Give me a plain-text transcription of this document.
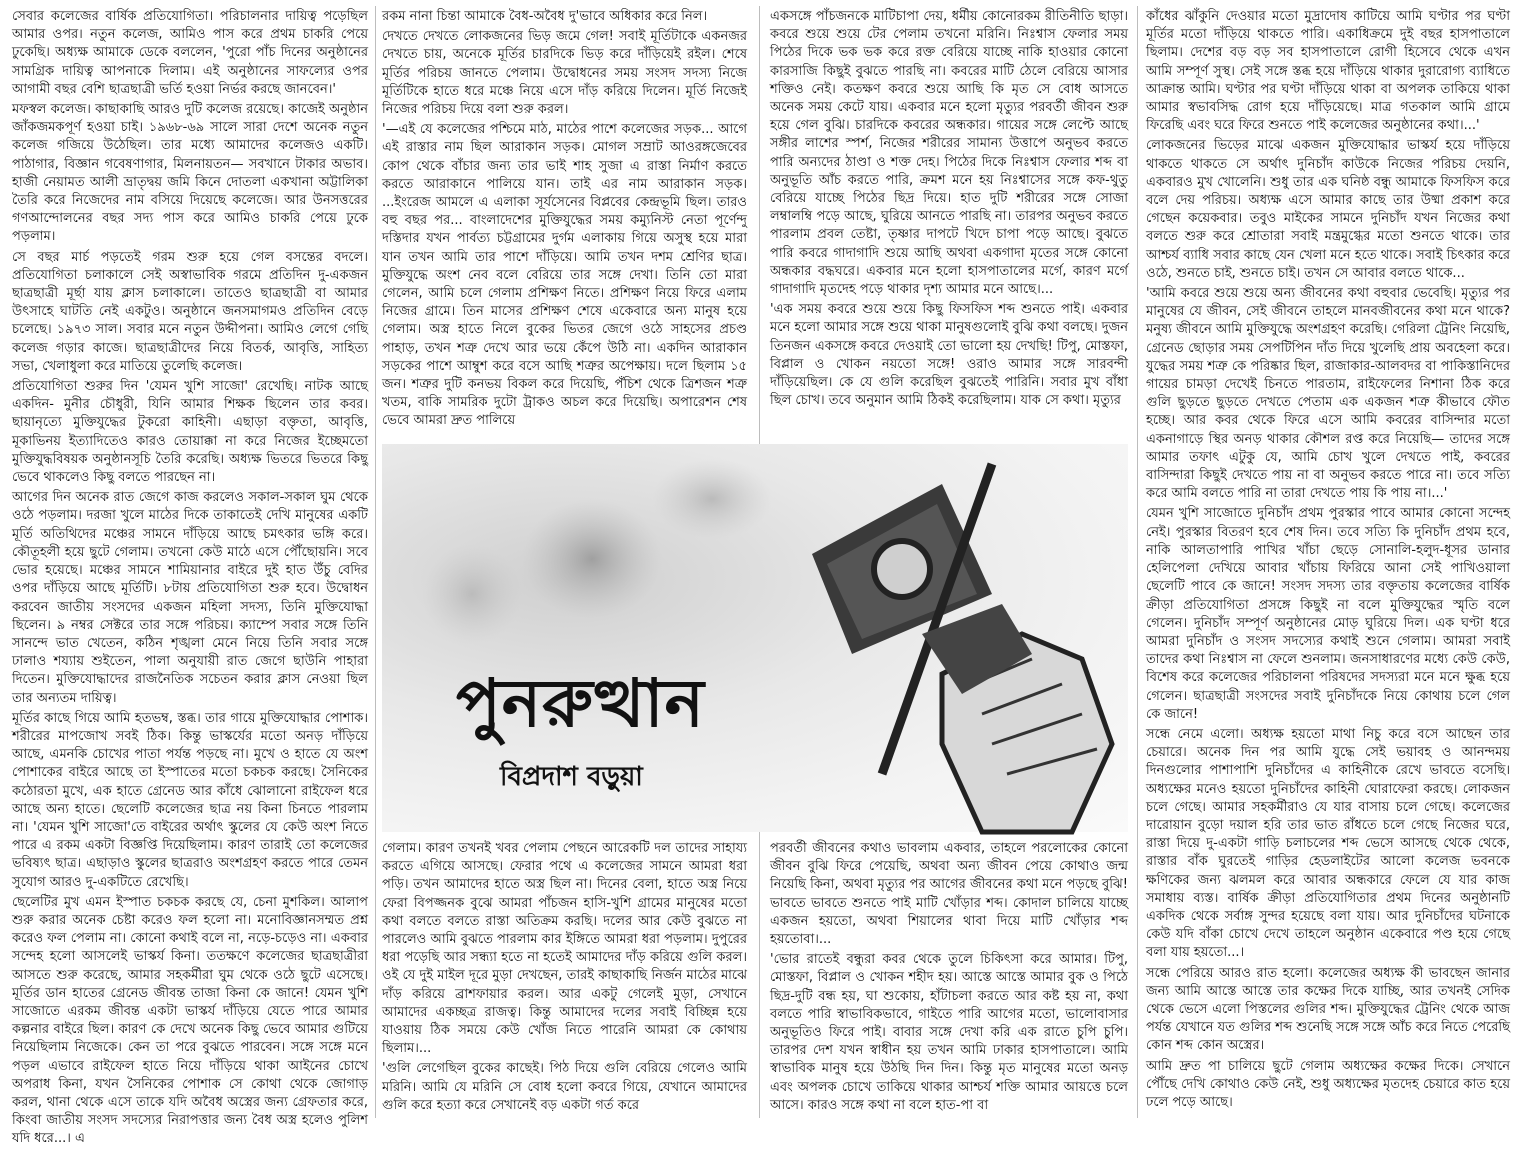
সেবার কলেজের বার্ষিক প্রতিযোগিতা। পরিচালনার দায়িত্ব পড়েছিল আমার ওপর। নতুন কলেজ, আমিও পাস করে প্রথম চাকরি পেয়ে ঢুকেছি। অধ্যক্ষ আমাকে ডেকে বললেন, 'পুরো পাঁচ দিনের অনুষ্ঠানের সামগ্রিক দায়িত্ব আপনাকে দিলাম। এই অনুষ্ঠানের সাফল্যের ওপর আগামী বছর বেশি ছাত্রছাত্রী ভর্তি হওয়া নির্ভর করছে জানবেন।'

মফস্বল কলেজ। কাছাকাছি আরও দুটি কলেজ রয়েছে। কাজেই অনুষ্ঠান জাঁকজমকপূর্ণ হওয়া চাই। ১৯৬৮-৬৯ সালে সারা দেশে অনেক নতুন কলেজ গজিয়ে উঠেছিল। তার মধ্যে আমাদের কলেজও একটি। পাঠাগার, বিজ্ঞান গবেষণাগার, মিলনায়তন— সবখানে টাকার অভাব। হাজী নেয়ামত আলী ভ্রাতৃদ্বয় জমি কিনে দোতলা একখানা অট্টালিকা তৈরি করে নিজেদের নাম বসিয়ে দিয়েছে কলেজে। আর উনসত্তরের গণআন্দোলনের বছর সদ্য পাস করে আমিও চাকরি পেয়ে ঢুকে পড়লাম।

সে বছর মার্চ পড়তেই গরম শুরু হয়ে গেল বসন্তের বদলে। প্রতিযোগিতা চলাকালে সেই অস্বাভাবিক গরমে প্রতিদিন দু-একজন ছাত্রছাত্রী মূর্ছা যায় ক্লাস চলাকালে। তাতেও ছাত্রছাত্রী বা আমার উৎসাহে ঘাটতি নেই একটুও। অনুষ্ঠানে জনসমাগমও প্রতিদিন বেড়ে চলেছে। ১৯৭৩ সাল। সবার মনে নতুন উদ্দীপনা। আমিও লেগে গেছি কলেজ গড়ার কাজে। ছাত্রছাত্রীদের নিয়ে বিতর্ক, আবৃত্তি, সাহিত্য সভা, খেলাধুলা করে মাতিয়ে তুলেছি কলেজ।

প্রতিযোগিতা শুরুর দিন 'যেমন খুশি সাজো' রেখেছি। নাটক আছে একদিন- মুনীর চৌধুরী, যিনি আমার শিক্ষক ছিলেন তার কবর। ছায়ানৃত্যে মুক্তিযুদ্ধের টুকরো কাহিনী। এছাড়া বক্তৃতা, আবৃত্তি, মূকাভিনয় ইত্যাদিতেও কারও তোয়াক্কা না করে নিজের ইচ্ছেমতো মুক্তিযুদ্ধবিষয়ক অনুষ্ঠানসূচি তৈরি করেছি। অধ্যক্ষ ভিতরে ভিতরে কিছু ভেবে থাকলেও কিছু বলতে পারছেন না।

আগের দিন অনেক রাত জেগে কাজ করলেও সকাল-সকাল ঘুম থেকে ওঠে পড়লাম। দরজা খুলে মাঠের দিকে তাকাতেই দেখি মানুষের একটি মূর্তি অতিথিদের মঞ্চের সামনে দাঁড়িয়ে আছে চমৎকার ভঙ্গি করে। কৌতূহলী হয়ে ছুটে গেলাম। তখনো কেউ মাঠে এসে পৌঁছোয়নি। সবে ভোর হয়েছে। মঞ্চের সামনে শামিয়ানার বাইরে দুই হাত উঁচু বেদির ওপর দাঁড়িয়ে আছে মূর্তিটি। ৮টায় প্রতিযোগিতা শুরু হবে। উদ্বোধন করবেন জাতীয় সংসদের একজন মহিলা সদস্য, তিনি মুক্তিযোদ্ধা ছিলেন। ৯ নম্বর সেক্টরে তার সঙ্গে পরিচয়। ক্যাম্পে সবার সঙ্গে তিনি সানন্দে ভাত খেতেন, কঠিন শৃঙ্খলা মেনে নিয়ে তিনি সবার সঙ্গে ঢালাও শয্যায় শুইতেন, পালা অনুযায়ী রাত জেগে ছাউনি পাহারা দিতেন। মুক্তিযোদ্ধাদের রাজনৈতিক সচেতন করার ক্লাস নেওয়া ছিল তার অন্যতম দায়িত্ব।

মূর্তির কাছে গিয়ে আমি হতভম্ব, স্তব্ধ। তার গায়ে মুক্তিযোদ্ধার পোশাক। শরীরের মাপজোখ সবই ঠিক। কিন্তু ভাস্কর্যের মতো অনড় দাঁড়িয়ে আছে, এমনকি চোখের পাতা পর্যন্ত পড়ছে না। মুখে ও হাতে যে অংশ পোশাকের বাইরে আছে তা ইস্পাতের মতো চকচক করছে। সৈনিকের কঠোরতা মুখে, এক হাতে গ্রেনেড আর কাঁধে ঝোলানো রাইফেল ধরে আছে অন্য হাতে। ছেলেটি কলেজের ছাত্র নয় কিনা চিনতে পারলাম না। 'যেমন খুশি সাজো'তে বাইরের অর্থাৎ স্কুলের যে কেউ অংশ নিতে পারে এ রকম একটা বিজ্ঞপ্তি দিয়েছিলাম। কারণ তারাই তো কলেজের ভবিষ্যৎ ছাত্র। এছাড়াও স্কুলের ছাত্ররাও অংশগ্রহণ করতে পারে তেমন সুযোগ আরও দু-একটিতে রেখেছি।

ছেলেটির মুখ এমন ইস্পাত চকচক করছে যে, চেনা মুশকিল। আলাপ শুরু করার অনেক চেষ্টা করেও ফল হলো না। মনোবিজ্ঞানসম্মত প্রশ্ন করেও ফল পেলাম না। কোনো কথাই বলে না, নড়ে-চড়েও না। একবার সন্দেহ হলো আসলেই ভাস্কর্য কিনা। ততক্ষণে কলেজের ছাত্রছাত্রীরা আসতে শুরু করেছে, আমার সহকর্মীরা ঘুম থেকে ওঠে ছুটে এসেছে। মূর্তির ডান হাতের গ্রেনেড জীবন্ত তাজা কিনা কে জানে! যেমন খুশি সাজোতে এরকম জীবন্ত একটা ভাস্কর্য দাঁড়িয়ে যেতে পারে আমার কল্পনার বাইরে ছিল। কারণ কে দেখে অনেক কিছু ভেবে আমার গুটিয়ে নিয়েছিলাম নিজেকে। কেন তা পরে বুঝতে পারবেন। সঙ্গে সঙ্গে মনে পড়ল এভাবে রাইফেল হাতে নিয়ে দাঁড়িয়ে থাকা আইনের চোখে অপরাধ কিনা, যখন সৈনিকের পোশাক সে কোথা থেকে জোগাড় করল, থানা থেকে এসে তাকে যদি অবৈধ অস্ত্রের জন্য গ্রেফতার করে, কিংবা জাতীয় সংসদ সদস্যের নিরাপত্তার জন্য বৈধ অস্ত্র হলেও পুলিশ যদি ধরে...। এ

রকম নানা চিন্তা আমাকে বৈধ-অবৈধ দু'ভাবে অধিকার করে নিল।

দেখতে দেখতে লোকজনের ভিড় জমে গেল! সবাই মূর্তিটাকে একনজর দেখতে চায়, অনেকে মূর্তির চারদিকে ভিড় করে দাঁড়িয়েই রইল। শেষে মূর্তির পরিচয় জানতে পেলাম। উদ্বোধনের সময় সংসদ সদস্য নিজে মূর্তিটিকে হাতে ধরে মঞ্চে নিয়ে এসে দাঁড় করিয়ে দিলেন। মূর্তি নিজেই নিজের পরিচয় দিয়ে বলা শুরু করল।

'—এই যে কলেজের পশ্চিমে মাঠ, মাঠের পাশে কলেজের সড়ক... আগে এই রাস্তার নাম ছিল আরাকান সড়ক। মোগল সম্রাট আওরঙ্গজেবের কোপ থেকে বাঁচার জন্য তার ভাই শাহ সুজা এ রাস্তা নির্মাণ করতে করতে আরাকানে পালিয়ে যান। তাই এর নাম আরাকান সড়ক। ...ইংরেজ আমলে এ এলাকা সূর্যসেনের বিপ্লবের কেন্দ্রভূমি ছিল। তারও বহু বছর পর... বাংলাদেশের মুক্তিযুদ্ধের সময় কম্যুনিস্ট নেতা পূর্ণেন্দু দস্তিদার যখন পার্বত্য চট্টগ্রামের দুর্গম এলাকায় গিয়ে অসুস্থ হয়ে মারা যান তখন আমি তার পাশে দাঁড়িয়ে। আমি তখন দশম শ্রেণির ছাত্র। মুক্তিযুদ্ধে অংশ নেব বলে বেরিয়ে তার সঙ্গে দেখা। তিনি তো মারা গেলেন, আমি চলে গেলাম প্রশিক্ষণ নিতে। প্রশিক্ষণ নিয়ে ফিরে এলাম নিজের গ্রামে। তিন মাসের প্রশিক্ষণ শেষে একেবারে অন্য মানুষ হয়ে গেলাম। অস্ত্র হাতে নিলে বুকের ভিতর জেগে ওঠে সাহসের প্রচণ্ড পাহাড়, তখন শত্রু দেখে আর ভয়ে কেঁপে উঠি না। একদিন আরাকান সড়কের পাশে আম্বুশ করে বসে আছি শত্রুর অপেক্ষায়। দলে ছিলাম ১৫ জন। শত্রুর দুটি কনভয় বিকল করে দিয়েছি, পঁচিশ থেকে ত্রিশজন শত্রু খতম, বাকি সামরিক দুটো ট্রাকও অচল করে দিয়েছি। অপারেশন শেষ ভেবে আমরা দ্রুত পালিয়ে

একসঙ্গে পাঁচজনকে মাটিচাপা দেয়, ধর্মীয় কোনোরকম রীতিনীতি ছাড়া। কবরে শুয়ে শুয়ে টের পেলাম তখনো মরিনি। নিঃশ্বাস ফেলার সময় পিঠের দিকে ভক ভক করে রক্ত বেরিয়ে যাচ্ছে নাকি হাওয়ার কোনো কারসাজি কিছুই বুঝতে পারছি না। কবরের মাটি ঠেলে বেরিয়ে আসার শক্তিও নেই। কতক্ষণ কবরে শুয়ে আছি কি মৃত সে বোধ আসতে অনেক সময় কেটে যায়। একবার মনে হলো মৃত্যুর পরবর্তী জীবন শুরু হয়ে গেল বুঝি। চারদিকে কবরের অন্ধকার। গায়ের সঙ্গে লেপ্টে আছে সঙ্গীর লাশের স্পর্শ, নিজের শরীরের সামান্য উত্তাপে অনুভব করতে পারি অন্যদের ঠাণ্ডা ও শক্ত দেহ। পিঠের দিকে নিঃশ্বাস ফেলার শব্দ বা অনুভূতি আঁচ করতে পারি, ক্রমশ মনে হয় নিঃশ্বাসের সঙ্গে কফ-থুতু বেরিয়ে যাচ্ছে পিঠের ছিদ্র দিয়ে। হাত দুটি শরীরের সঙ্গে সোজা লম্বালম্বি পড়ে আছে, ঘুরিয়ে আনতে পারছি না। তারপর অনুভব করতে পারলাম প্রবল তেষ্টা, তৃষ্ণার দাপটে খিদে চাপা পড়ে আছে। বুঝতে পারি কবরে গাদাগাদি শুয়ে আছি অথবা একগাদা মৃতের সঙ্গে কোনো অন্ধকার বদ্ধঘরে। একবার মনে হলো হাসপাতালের মর্গে, কারণ মর্গে গাদাগাদি মৃতদেহ পড়ে থাকার দৃশ্য আমার মনে আছে।...

'এক সময় কবরে শুয়ে শুয়ে কিছু ফিসফিস শব্দ শুনতে পাই। একবার মনে হলো আমার সঙ্গে শুয়ে থাকা মানুষগুলোই বুঝি কথা বলছে। দুজন তিনজন একসঙ্গে কবরে দেওয়াই তো ভালো হয় দেখছি! টিপু, মোস্তফা, বিপ্লাল ও খোকন নয়তো সঙ্গে! ওরাও আমার সঙ্গে সারবন্দী দাঁড়িয়েছিল। কে যে গুলি করেছিল বুঝতেই পারিনি। সবার মুখ বাঁধা ছিল চোখ। তবে অনুমান আমি ঠিকই করেছিলাম। যাক সে কথা। মৃত্যুর

পুনরুত্থান
বিপ্রদাশ বড়ুয়া

গেলাম। কারণ তখনই খবর পেলাম পেছনে আরেকটি দল তাদের সাহায্য করতে এগিয়ে আসছে। ফেরার পথে এ কলেজের সামনে আমরা ধরা পড়ি। তখন আমাদের হাতে অস্ত্র ছিল না। দিনের বেলা, হাতে অস্ত্র নিয়ে ফেরা বিপজ্জনক বুঝে আমরা পাঁচজন হাসি-খুশি গ্রামের মানুষের মতো কথা বলতে বলতে রাস্তা অতিক্রম করছি। দলের আর কেউ বুঝতে না পারলেও আমি বুঝতে পারলাম কার ইঙ্গিতে আমরা ধরা পড়লাম। দুপুরের ধরা পড়েছি আর সন্ধ্যা হতে না হতেই আমাদের দাঁড় করিয়ে গুলি করল। ওই যে দুই মাইল দূরে মুড়া দেখছেন, তারই কাছাকাছি নির্জন মাঠের মাঝে দাঁড় করিয়ে ব্রাশফায়ার করল। আর একটু গেলেই মুড়া, সেখানে আমাদের একচ্ছত্র রাজত্ব। কিন্তু আমাদের দলের সবাই বিচ্ছিন্ন হয়ে যাওয়ায় ঠিক সময়ে কেউ খোঁজ নিতে পারেনি আমরা কে কোথায় ছিলাম।...

'গুলি লেগেছিল বুকের কাছেই। পিঠ দিয়ে গুলি বেরিয়ে গেলেও আমি মরিনি। আমি যে মরিনি সে বোধ হলো কবরে গিয়ে, যেখানে আমাদের গুলি করে হত্যা করে সেখানেই বড় একটা গর্ত করে

পরবর্তী জীবনের কথাও ভাবলাম একবার, তাহলে পরলোকের কোনো জীবন বুঝি ফিরে পেয়েছি, অথবা অন্য জীবন পেয়ে কোথাও জন্ম নিয়েছি কিনা, অথবা মৃত্যুর পর আগের জীবনের কথা মনে পড়ছে বুঝি! ভাবতে ভাবতে শুনতে পাই মাটি খোঁড়ার শব্দ। কোদাল চালিয়ে যাচ্ছে একজন হয়তো, অথবা শিয়ালের থাবা দিয়ে মাটি খোঁড়ার শব্দ হয়তোবা।...

'ভোর রাতেই বন্ধুরা কবর থেকে তুলে চিকিৎসা করে আমার। টিপু, মোস্তফা, বিপ্লাল ও খোকন শহীদ হয়। আস্তে আস্তে আমার বুক ও পিঠে ছিদ্র-দুটি বন্ধ হয়, ঘা শুকোয়, হাঁটাচলা করতে আর কষ্ট হয় না, কথা বলতে পারি স্বাভাবিকভাবে, গাইতে পারি আগের মতো, ভালোবাসার অনুভূতিও ফিরে পাই। বাবার সঙ্গে দেখা করি এক রাতে চুপি চুপি। তারপর দেশ যখন স্বাধীন হয় তখন আমি ঢাকার হাসপাতালে। আমি স্বাভাবিক মানুষ হয়ে উঠছি দিন দিন। কিন্তু মৃত মানুষের মতো অনড় এবং অপলক চোখে তাকিয়ে থাকার আশ্চর্য শক্তি আমার আয়ত্তে চলে আসে। কারও সঙ্গে কথা না বলে হাত-পা বা

কাঁধের ঝাঁকুনি দেওয়ার মতো মুদ্রাদোষ কাটিয়ে আমি ঘণ্টার পর ঘণ্টা মূর্তির মতো দাঁড়িয়ে থাকতে পারি। একাধিক্রমে দুই বছর হাসপাতালে ছিলাম। দেশের বড় বড় সব হাসপাতালে রোগী হিসেবে থেকে এখন আমি সম্পূর্ণ সুস্থ। সেই সঙ্গে স্তব্ধ হয়ে দাঁড়িয়ে থাকার দুরারোগ্য ব্যাধিতে আক্রান্ত আমি। ঘণ্টার পর ঘণ্টা দাঁড়িয়ে থাকা বা অপলক তাকিয়ে থাকা আমার স্বভাবসিদ্ধ রোগ হয়ে দাঁড়িয়েছে। মাত্র গতকাল আমি গ্রামে ফিরেছি এবং ঘরে ফিরে শুনতে পাই কলেজের অনুষ্ঠানের কথা।...'

লোকজনের ভিড়ের মাঝে একজন মুক্তিযোদ্ধার ভাস্কর্য হয়ে দাঁড়িয়ে থাকতে থাকতে সে অর্থাৎ দুনিচাঁদ কাউকে নিজের পরিচয় দেয়নি, একবারও মুখ খোলেনি। শুধু তার এক ঘনিষ্ঠ বন্ধু আমাকে ফিসফিস করে বলে দেয় পরিচয়। অধ্যক্ষ এসে আমার কাছে তার উষ্মা প্রকাশ করে গেছেন কয়েকবার। তবুও মাইকের সামনে দুনিচাঁদ যখন নিজের কথা বলতে শুরু করে শ্রোতারা সবাই মন্ত্রমুগ্ধের মতো শুনতে থাকে। তার আশ্চর্য ব্যাধি সবার কাছে যেন খেলা মনে হতে থাকে। সবাই চিৎকার করে ওঠে, শুনতে চাই, শুনতে চাই। তখন সে আবার বলতে থাকে...

'আমি কবরে শুয়ে শুয়ে অন্য জীবনের কথা বহুবার ভেবেছি। মৃত্যুর পর মানুষের যে জীবন, সেই জীবনে তাহলে মানবজীবনের কথা মনে থাকে? মনুষ্য জীবনে আমি মুক্তিযুদ্ধে অংশগ্রহণ করেছি। গেরিলা ট্রেনিং নিয়েছি, গ্রেনেড ছোড়ার সময় সেপটিপিন দাঁত দিয়ে খুলেছি প্রায় অবহেলা করে। যুদ্ধের সময় শত্রু কে পরিষ্কার ছিল, রাজাকার-আলবদর বা পাকিস্তানিদের গায়ের চামড়া দেখেই চিনতে পারতাম, রাইফেলের নিশানা ঠিক করে গুলি ছুড়তে ছুড়তে দেখতে পেতাম এক একজন শত্রু কীভাবে ফৌত হচ্ছে। আর কবর থেকে ফিরে এসে আমি কবরের বাসিন্দার মতো একনাগাড়ে স্থির অনড় থাকার কৌশল রপ্ত করে নিয়েছি— তাদের সঙ্গে আমার তফাৎ এটুকু যে, আমি চোখ খুলে দেখতে পাই, কবরের বাসিন্দারা কিছুই দেখতে পায় না বা অনুভব করতে পারে না। তবে সত্যি করে আমি বলতে পারি না তারা দেখতে পায় কি পায় না।...'

যেমন খুশি সাজোতে দুনিচাঁদ প্রথম পুরস্কার পাবে আমার কোনো সন্দেহ নেই। পুরস্কার বিতরণ হবে শেষ দিন। তবে সত্যি কি দুনিচাঁদ প্রথম হবে, নাকি আলতাপারি পাখির খাঁচা ছেড়ে সোনালি-হলুদ-ধূসর ডানার হেলিপেলা দেখিয়ে আবার খাঁচায় ফিরিয়ে আনা সেই পাখিওয়ালা ছেলেটি পাবে কে জানে! সংসদ সদস্য তার বক্তৃতায় কলেজের বার্ষিক ক্রীড়া প্রতিযোগিতা প্রসঙ্গে কিছুই না বলে মুক্তিযুদ্ধের স্মৃতি বলে গেলেন। দুনিচাঁদ সম্পূর্ণ অনুষ্ঠানের মোড় ঘুরিয়ে দিল। এক ঘণ্টা ধরে আমরা দুনিচাঁদ ও সংসদ সদস্যের কথাই শুনে গেলাম। আমরা সবাই তাদের কথা নিঃশ্বাস না ফেলে শুনলাম। জনসাধারণের মধ্যে কেউ কেউ, বিশেষ করে কলেজের পরিচালনা পরিষদের সদস্যরা মনে মনে ক্ষুব্ধ হয়ে গেলেন। ছাত্রছাত্রী সংসদের সবাই দুনিচাঁদকে নিয়ে কোথায় চলে গেল কে জানে!

সন্ধে নেমে এলো। অধ্যক্ষ হয়তো মাথা নিচু করে বসে আছেন তার চেয়ারে। অনেক দিন পর আমি যুদ্ধে সেই ভয়াবহ ও আনন্দময় দিনগুলোর পাশাপাশি দুনিচাঁদের এ কাহিনীকে রেখে ভাবতে বসেছি। অধ্যক্ষের মনেও হয়তো দুনিচাঁদের কাহিনী ঘোরাফেরা করছে। লোকজন চলে গেছে। আমার সহকর্মীরাও যে যার বাসায় চলে গেছে। কলেজের দারোয়ান বুড়ো দয়াল হরি তার ভাত রাঁধতে চলে গেছে নিজের ঘরে, রাস্তা দিয়ে দু-একটা গাড়ি চলাচলের শব্দ ভেসে আসছে থেকে থেকে, রাস্তার বাঁক ঘুরতেই গাড়ির হেডলাইটের আলো কলেজ ভবনকে ক্ষণিকের জন্য ঝলমল করে আবার অন্ধকারে ফেলে যে যার কাজ সমাধায় ব্যস্ত। বার্ষিক ক্রীড়া প্রতিযোগিতার প্রথম দিনের অনুষ্ঠানটি একদিক থেকে সর্বাঙ্গ সুন্দর হয়েছে বলা যায়। আর দুনিচাঁদের ঘটনাকে কেউ যদি বাঁকা চোখে দেখে তাহলে অনুষ্ঠান একেবারে পণ্ড হয়ে গেছে বলা যায় হয়তো...।

সন্ধে পেরিয়ে আরও রাত হলো। কলেজের অধ্যক্ষ কী ভাবছেন জানার জন্য আমি আস্তে আস্তে তার কক্ষের দিকে যাচ্ছি, আর তখনই সেদিক থেকে ভেসে এলো পিস্তলের গুলির শব্দ। মুক্তিযুদ্ধের ট্রেনিং থেকে আজ পর্যন্ত যেখানে যত গুলির শব্দ শুনেছি সঙ্গে সঙ্গে আঁচ করে নিতে পেরেছি কোন শব্দ কোন অস্ত্রের।

আমি দ্রুত পা চালিয়ে ছুটে গেলাম অধ্যক্ষের কক্ষের দিকে। সেখানে পৌঁছে দেখি কোথাও কেউ নেই, শুধু অধ্যক্ষের মৃতদেহ চেয়ারে কাত হয়ে ঢলে পড়ে আছে।
